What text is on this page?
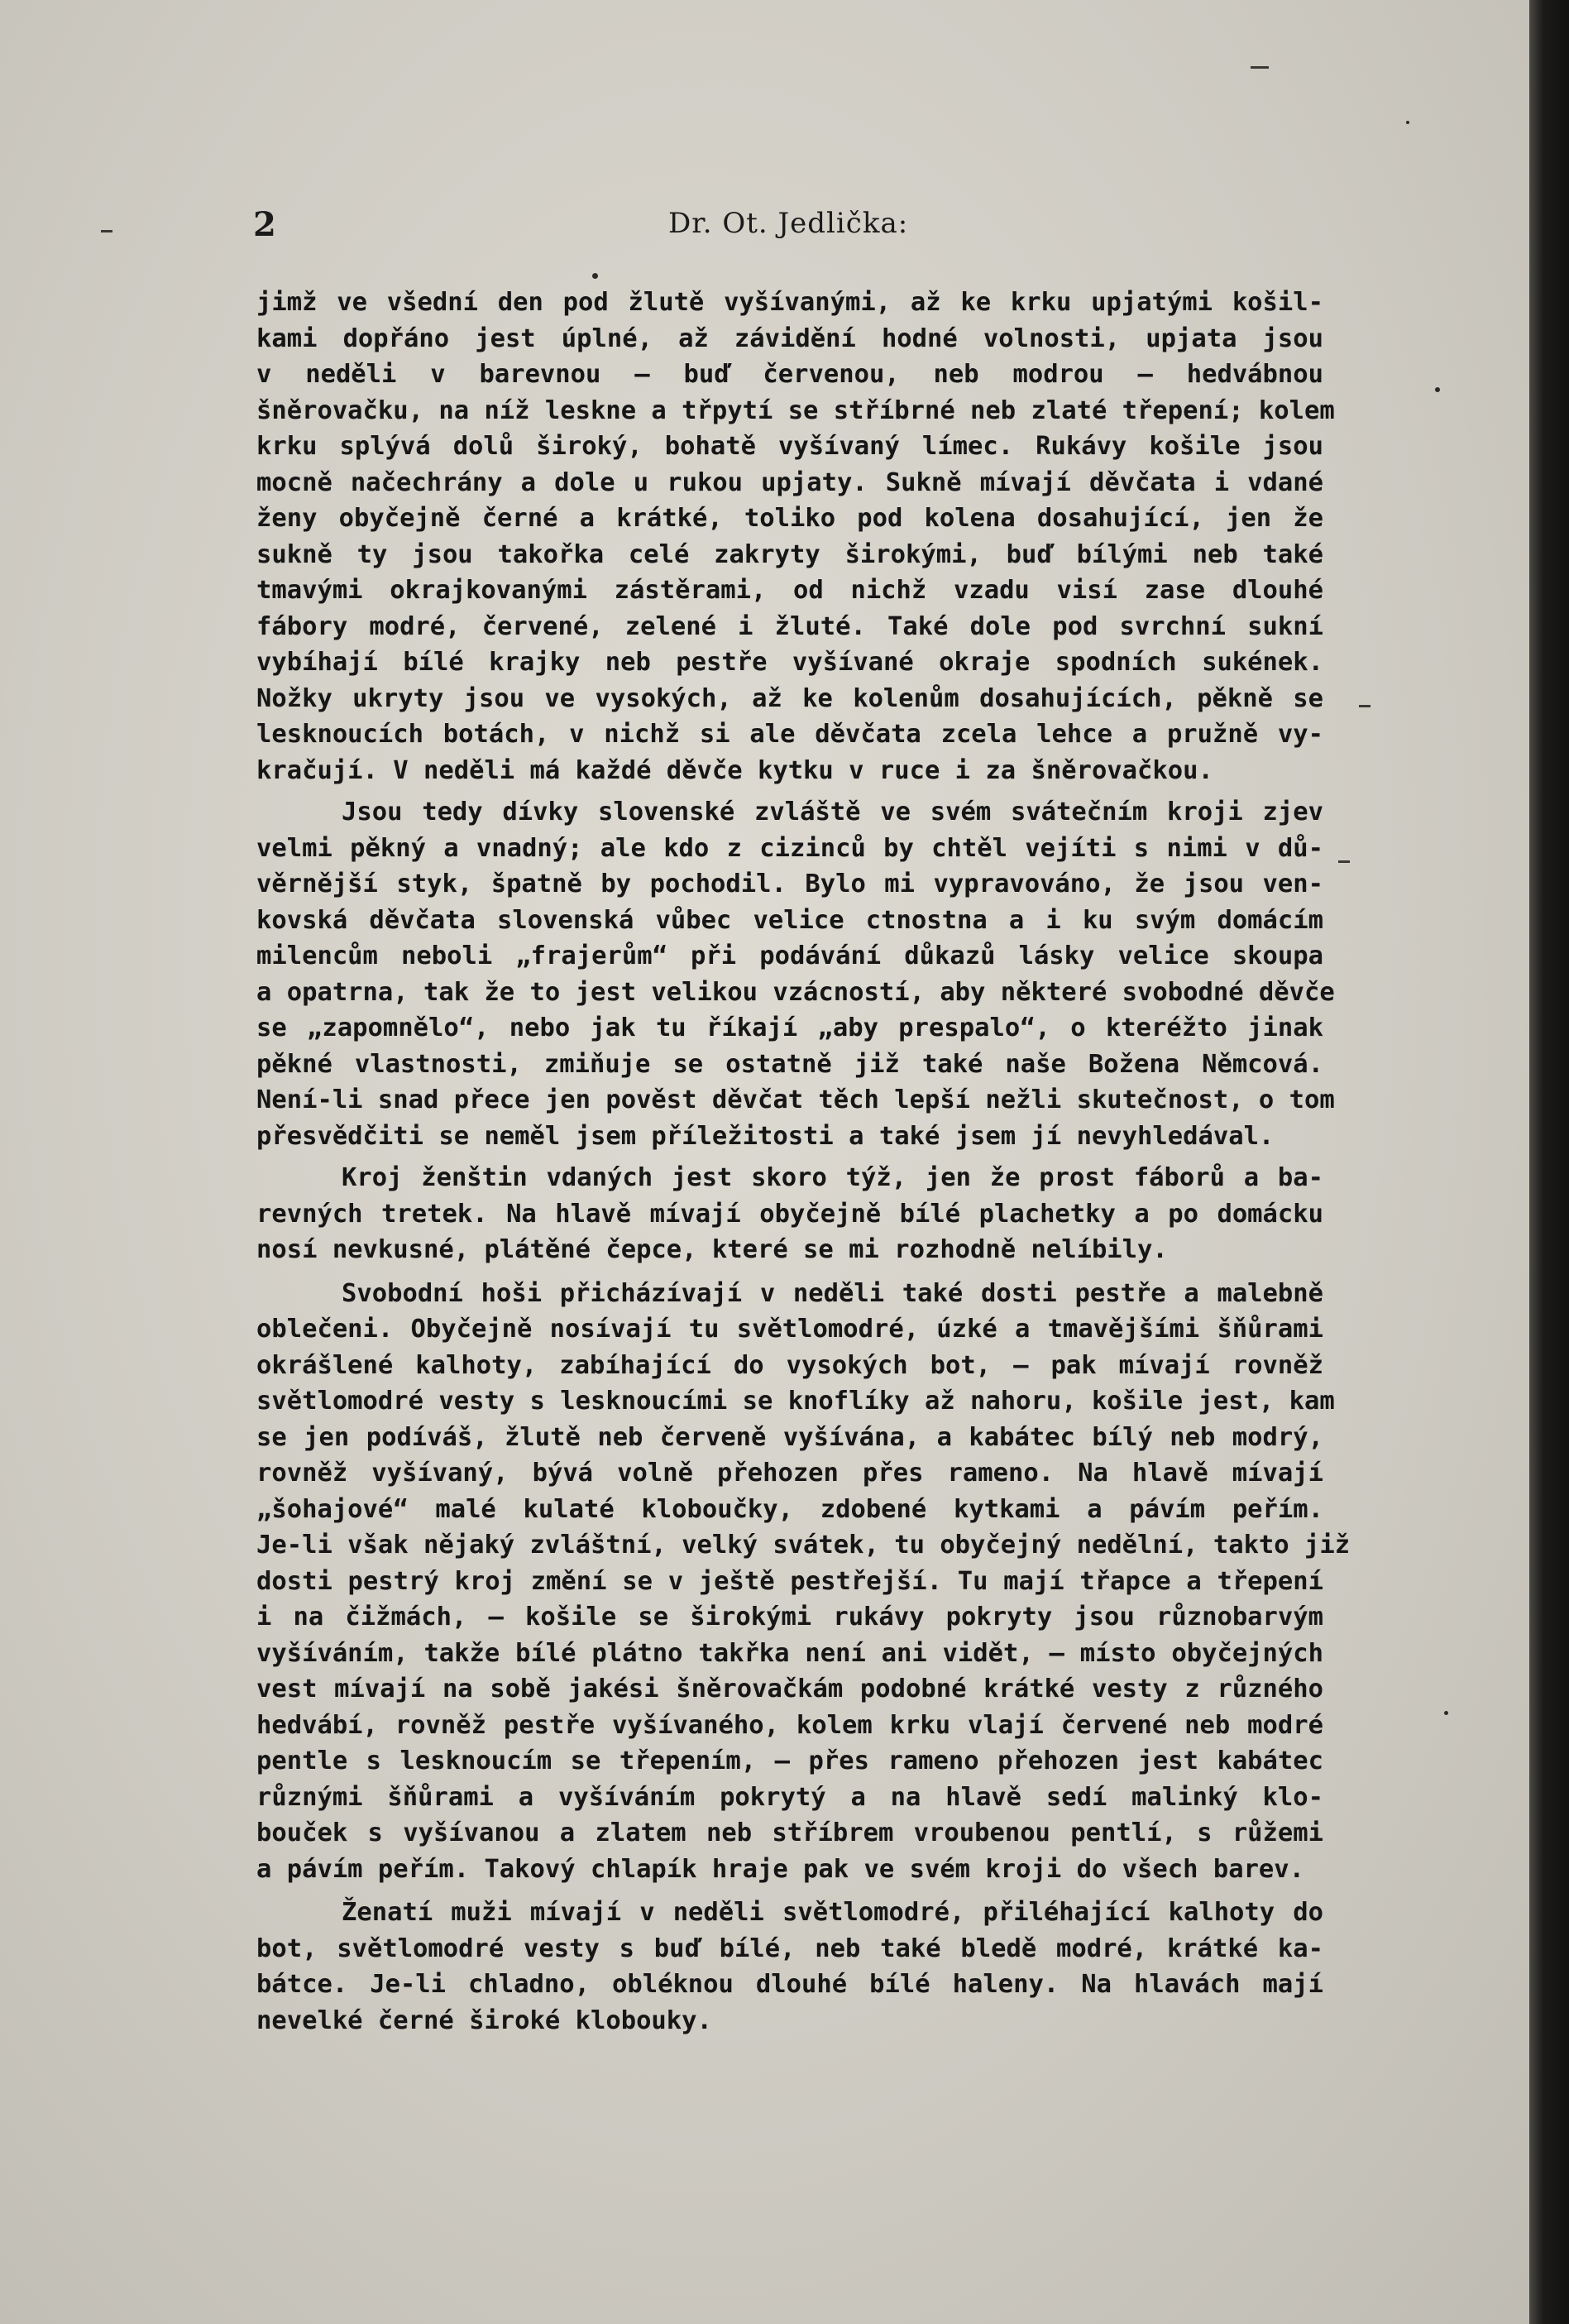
2	Dr. Ot. Jedlička:
jimž ve všední den pod žlutě vyšívanými, až ke krku upjatými košil-
kami dopřáno jest úplné, až závidění hodné volnosti, upjata jsou
v neděli v barevnou — buď červenou, neb modrou — hedvábnou
šněrovačku, na níž leskne a třpytí se stříbrné neb zlaté třepení; kolem
krku splývá dolů široký, bohatě vyšívaný límec. Rukávy košile jsou
mocně načechrány a dole u rukou upjaty. Sukně mívají děvčata i vdané
ženy obyčejně černé a krátké, toliko pod kolena dosahující, jen že
sukně ty jsou takořka celé zakryty širokými, buď bílými neb také
tmavými okrajkovanými zástěrami, od nichž vzadu visí zase dlouhé
fábory modré, červené, zelené i žluté. Také dole pod svrchní sukní
vybíhají bílé krajky neb pestře vyšívané okraje spodních sukének.
Nožky ukryty jsou ve vysokých, až ke kolenům dosahujících, pěkně se
lesknoucích botách, v nichž si ale děvčata zcela lehce a pružně vy-
kračují. V neděli má každé děvče kytku v ruce i za šněrovačkou.
Jsou tedy dívky slovenské zvláště ve svém svátečním kroji zjev
velmi pěkný a vnadný; ale kdo z cizinců by chtěl vejíti s nimi v dů-
věrnější styk, špatně by pochodil. Bylo mi vypravováno, že jsou ven-
kovská děvčata slovenská vůbec velice ctnostna a i ku svým domácím
milencům neboli „frajerům“ při podávání důkazů lásky velice skoupa
a opatrna, tak že to jest velikou vzácností, aby některé svobodné děvče
se „zapomnělo“, nebo jak tu říkají „aby prespalo“, o kteréžto jinak
pěkné vlastnosti, zmiňuje se ostatně již také naše Božena Němcová.
Není-li snad přece jen pověst děvčat těch lepší nežli skutečnost, o tom
přesvědčiti se neměl jsem příležitosti a také jsem jí nevyhledával.
Kroj ženštin vdaných jest skoro týž, jen že prost fáborů a ba-
revných tretek. Na hlavě mívají obyčejně bílé plachetky a po domácku
nosí nevkusné, plátěné čepce, které se mi rozhodně nelíbily.
Svobodní hoši přicházívají v neděli také dosti pestře a malebně
oblečeni. Obyčejně nosívají tu světlomodré, úzké a tmavějšími šňůrami
okrášlené kalhoty, zabíhající do vysokých bot, — pak mívají rovněž
světlomodré vesty s lesknoucími se knoflíky až nahoru, košile jest, kam
se jen podíváš, žlutě neb červeně vyšívána, a kabátec bílý neb modrý,
rovněž vyšívaný, bývá volně přehozen přes rameno. Na hlavě mívají
„šohajové“ malé kulaté kloboučky, zdobené kytkami a pávím peřím.
Je-li však nějaký zvláštní, velký svátek, tu obyčejný nedělní, takto již
dosti pestrý kroj změní se v ještě pestřejší. Tu mají třapce a třepení
i na čižmách, — košile se širokými rukávy pokryty jsou různobarvým
vyšíváním, takže bílé plátno takřka není ani vidět, — místo obyčejných
vest mívají na sobě jakési šněrovačkám podobné krátké vesty z různého
hedvábí, rovněž pestře vyšívaného, kolem krku vlají červené neb modré
pentle s lesknoucím se třepením, — přes rameno přehozen jest kabátec
různými šňůrami a vyšíváním pokrytý a na hlavě sedí malinký klo-
bouček s vyšívanou a zlatem neb stříbrem vroubenou pentlí, s růžemi
a pávím peřím. Takový chlapík hraje pak ve svém kroji do všech barev.
Ženatí muži mívají v neděli světlomodré, přiléhající kalhoty do
bot, světlomodré vesty s buď bílé, neb také bledě modré, krátké ka-
bátce. Je-li chladno, obléknou dlouhé bílé haleny. Na hlavách mají
nevelké černé široké klobouky.
